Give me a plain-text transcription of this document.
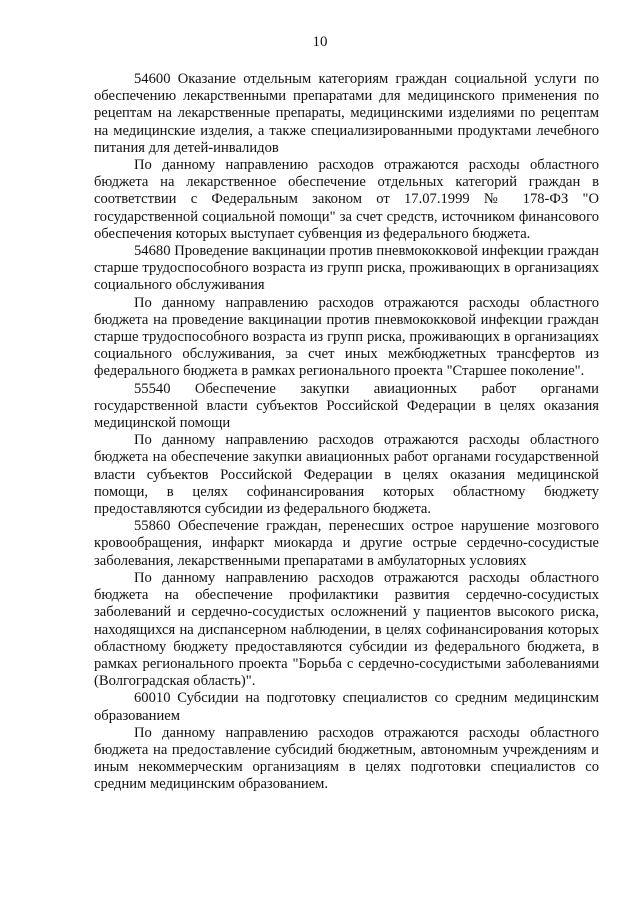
10

54600 Оказание отдельным категориям граждан социальной услуги по обеспечению лекарственными препаратами для медицинского применения по рецептам на лекарственные препараты, медицинскими изделиями по рецептам на медицинские изделия, а также специализированными продуктами лечебного питания для детей-инвалидов

По данному направлению расходов отражаются расходы областного бюджета на лекарственное обеспечение отдельных категорий граждан в соответствии с Федеральным законом от 17.07.1999 № 178-ФЗ "О государственной социальной помощи" за счет средств, источником финансового обеспечения которых выступает субвенция из федерального бюджета.

54680 Проведение вакцинации против пневмококковой инфекции граждан старше трудоспособного возраста из групп риска, проживающих в организациях социального обслуживания

По данному направлению расходов отражаются расходы областного бюджета на проведение вакцинации против пневмококковой инфекции граждан старше трудоспособного возраста из групп риска, проживающих в организациях социального обслуживания, за счет иных межбюджетных трансфертов из федерального бюджета в рамках регионального проекта "Старшее поколение".

55540 Обеспечение закупки авиационных работ органами государственной власти субъектов Российской Федерации в целях оказания медицинской помощи

По данному направлению расходов отражаются расходы областного бюджета на обеспечение закупки авиационных работ органами государственной власти субъектов Российской Федерации в целях оказания медицинской помощи, в целях софинансирования которых областному бюджету предоставляются субсидии из федерального бюджета.

55860 Обеспечение граждан, перенесших острое нарушение мозгового кровообращения, инфаркт миокарда и другие острые сердечно-сосудистые заболевания, лекарственными препаратами в амбулаторных условиях

По данному направлению расходов отражаются расходы областного бюджета на обеспечение профилактики развития сердечно-сосудистых заболеваний и сердечно-сосудистых осложнений у пациентов высокого риска, находящихся на диспансерном наблюдении, в целях софинансирования которых областному бюджету предоставляются субсидии из федерального бюджета, в рамках регионального проекта "Борьба с сердечно-сосудистыми заболеваниями (Волгоградская область)".

60010 Субсидии на подготовку специалистов со средним медицинским образованием

По данному направлению расходов отражаются расходы областного бюджета на предоставление субсидий бюджетным, автономным учреждениям и иным некоммерческим организациям в целях подготовки специалистов со средним медицинским образованием.
